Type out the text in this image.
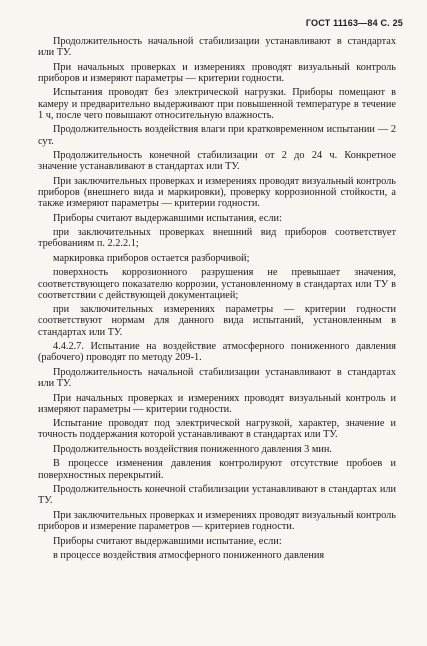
ГОСТ 11163—84 С. 25

Продолжительность начальной стабилизации устанавливают в стандартах или ТУ.

При начальных проверках и измерениях проводят визуальный контроль приборов и измеряют параметры — критерии годности.

Испытания проводят без электрической нагрузки. Приборы помещают в камеру и предварительно выдерживают при повышенной температуре в течение 1 ч, после чего повышают относительную влажность.

Продолжительность воздействия влаги при кратковременном испытании — 2 сут.

Продолжительность конечной стабилизации от 2 до 24 ч. Конкретное значение устанавливают в стандартах или ТУ.

При заключительных проверках и измерениях проводят визуальный контроль приборов (внешнего вида и маркировки), проверку коррозионной стойкости, а также измеряют параметры — критерии годности.

Приборы считают выдержавшими испытания, если:

при заключительных проверках внешний вид приборов соответствует требованиям п. 2.2.2.1;

маркировка приборов остается разборчивой;

поверхность коррозионного разрушения не превышает значения, соответствующего показателю коррозии, установленному в стандартах или ТУ в соответствии с действующей документацией;

при заключительных измерениях параметры — критерии годности соответствуют нормам для данного вида испытаний, установленным в стандартах или ТУ.

4.4.2.7. Испытание на воздействие атмосферного пониженного давления (рабочего) проводят по методу 209-1.

Продолжительность начальной стабилизации устанавливают в стандартах или ТУ.

При начальных проверках и измерениях проводят визуальный контроль и измеряют параметры — критерии годности.

Испытание проводят под электрической нагрузкой, характер, значение и точность поддержания которой устанавливают в стандартах или ТУ.

Продолжительность воздействия пониженного давления 3 мин.

В процессе изменения давления контролируют отсутствие пробоев и поверхностных перекрытий.

Продолжительность конечной стабилизации устанавливают в стандартах или ТУ.

При заключительных проверках и измерениях проводят визуальный контроль приборов и измерение параметров — критериев годности.

Приборы считают выдержавшими испытание, если:

в процессе воздействия атмосферного пониженного давления
